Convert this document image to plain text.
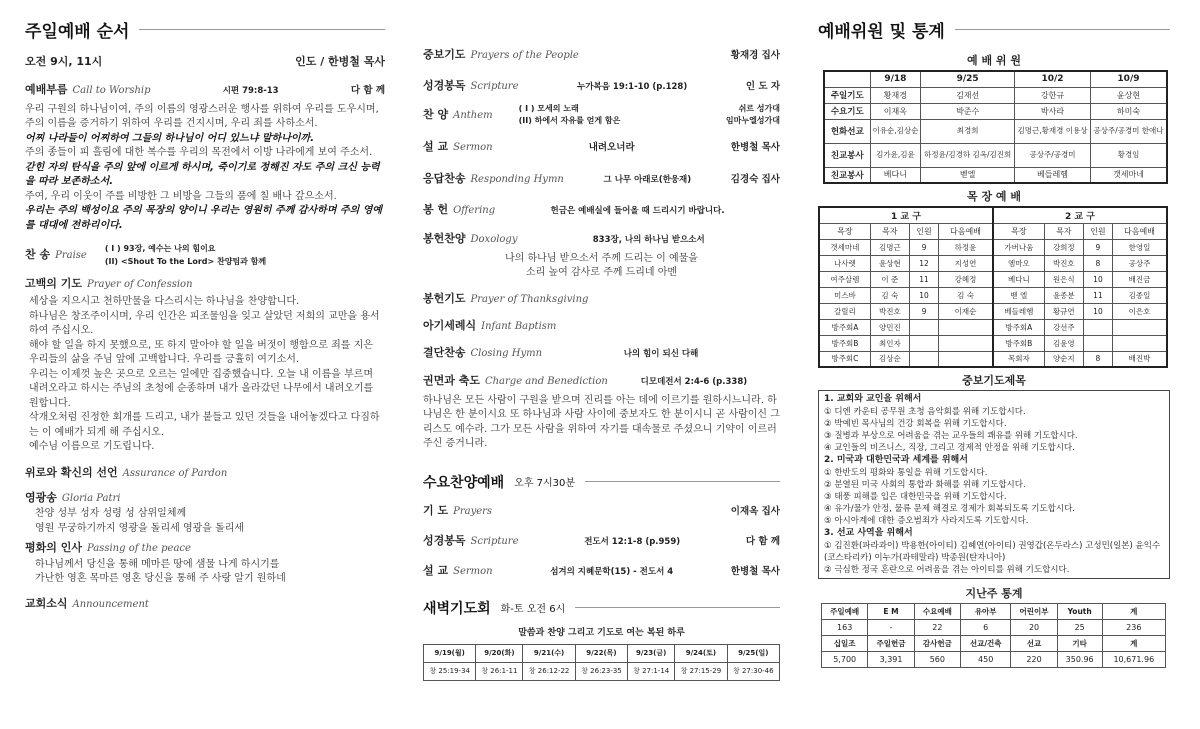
주일예배 순서
오전 9시, 11시	인도 / 한병철 목사
예배부름 Call to Worship	시편 79:8-13	다 함 께
우리 구원의 하나님이여, 주의 이름의 영광스러운 행사를 위하여 우리를 도우시며, 주의 이름을 증거하기 위하여 우리를 건지시며, 우리 죄를 사하소서.
어찌 나라들이 어찌하여 그들의 하나님이 어디 있느냐 말하나이까.
주의 종들이 피 흘림에 대한 복수를 우리의 목전에서 이방 나라에게 보여 주소서.
갇힌 자의 탄식을 주의 앞에 이르게 하시며, 죽이기로 정해진 자도 주의 크신 능력을 따라 보존하소서.
주여, 우리 이웃이 주를 비방한 그 비방을 그들의 품에 칠 배나 갚으소서.
우리는 주의 백성이요 주의 목장의 양이니 우리는 영원히 주께 감사하며 주의 영예를 대대에 전하리이다.
찬 송 Praise
( I ) 93장, 예수는 나의 힘이요
(II) <Shout To the Lord> 찬양팀과 함께
고백의 기도 Prayer of Confession
세상을 지으시고 천하만물을 다스리시는 하나님을 찬양합니다.
하나님은 창조주이시며, 우리 인간은 피조물임을 잊고 살았던 저희의 교만을 용서하여 주십시오.
해야 할 일을 하지 못했으로, 또 하지 말아야 할 일을 버젓이 행함으로 죄를 지은 우리들의 삶을 주님 앞에 고백합니다. 우리를 긍휼히 여기소서.
우리는 이제껏 높은 곳으로 오르는 일에만 집중했습니다. 오늘 내 이름을 부르며 내려오라고 하시는 주님의 초청에 순종하며 내가 올라갔던 나무에서 내려오기를 원합니다.
삭개오처럼 진정한 회개를 드리고, 내가 붙들고 있던 것들을 내어놓겠다고 다짐하는 이 예배가 되게 해 주십시오.
예수님 이름으로 기도립니다.
위로와 확신의 선언 Assurance of Pardon
영광송 Gloria Patri
찬양 성부 성자 성령 성 삼위일체께
영원 무궁하기까지 영광을 돌리세 영광을 돌리세
평화의 인사 Passing of the peace
하나님께서 당신을 통해 메마른 땅에 샘물 나게 하시기를
가난한 영혼 목마른 영혼 당신을 통해 주 사랑 알기 원하네
교회소식 Announcement
중보기도 Prayers of the People	황재경 집사
성경봉독 Scripture	누가복음 19:1-10 (p.128)	인 도 자
찬 양 Anthem
( I ) 모세의 노래
(II) 하에서 자유를 얻게 함은
쉬르 성가대
임마누엘성가대
설 교 Sermon	내려오너라	한병철 목사
응답찬송 Responding Hymn	그 나무 아래로(한웅재)	김경숙 집사
봉 헌 Offering	헌금은 예배실에 들어올 때 드리시기 바랍니다.
봉헌찬양 Doxology	833장, 나의 하나님 받으소서
나의 하나님 받으소서 주께 드리는 이 예물을
소리 높여 감사로 주께 드리네 아멘
봉헌기도 Prayer of Thanksgiving
아기세례식 Infant Baptism
결단찬송 Closing Hymn	나의 힘이 되신 다해
권면과 축도 Charge and Benediction	디모데전서 2:4-6 (p.338)
하나님은 모든 사람이 구원을 받으며 진리를 아는 데에 이르기를 원하시느니라. 하나님은 한 분이시요 또 하나님과 사람 사이에 중보자도 한 분이시니 곧 사람이신 그리스도 예수라. 그가 모든 사람을 위하여 자기를 대속물로 주셨으니 기약이 이르러 주신 증거니라.
수요찬양예배 오후 7시30분
기 도 Prayers	이재옥 집사
성경봉독 Scripture	전도서 12:1-8 (p.959)	다 함 께
설 교 Sermon	섬겨의 지혜문학(15) - 전도서 4	한병철 목사
새벽기도회 화-토 오전 6시
말씀과 찬양 그리고 기도로 여는 복된 하루
9/19(월)	9/20(화)	9/21(수)	9/22(목)	9/23(금)	9/24(토)	9/25(일)
창 25:19-34	창 26:1-11	창 26:12-22	창 26:23-35	창 27:1-14	창 27:15-29	창 27:30-46
예배위원 및 통계
예 배 위 원
	9/18	9/25	10/2	10/9
주일기도	황재경	김재선	강한규	윤상현
수요기도	이재옥	박준수	박사라	하미숙
헌화선교	이유순,김상순	최경희	김명근,황재경 이용상	공상주/공경미 한애나
친교봉사	김가윤,김윤	하정윤/김경하 김옥/김진희	공상주/공경미	황경임
친교봉사	베다니	벧엘	베들레헴	갯세마네
목 장 예 배
1 교 구				2 교 구			
목장	목자	인원	다음예배	목장	목자	인원	다음예배
갯세마네	김명근	9	하정윤	가버나움	강희정	9	한영일
나사렛	윤상현	12	지성연	엠마오	박진호	8	공상주
여주살렘	이 준	11	강혜정	베다니	원은식	10	배진금
미스바	김 숙	10	김 숙	벧 엘	윤종분	11	김종일
갈릴리	박진호	9	이재순	베들레헴	황규연	10	이은호
방주회A	양민진			방주회A	강선주		
방주회B	최인자			방주회B	김윤영		
방주회C	김상순			목회자	양순지	8	배진박
중보기도제목
1. 교회와 교인을 위해서
① 디엔 카운티 공무원 초청 음악회를 위해 기도합시다.
② 박예빈 목사님의 건강 회복을 위해 기도합시다.
③ 질병과 부상으로 어려움을 겪는 교우들의 쾌유를 위해 기도합시다.
④ 교인들의 비즈니스, 직장, 그리고 경제적 안정을 위해 기도합시다.
2. 미국과 대한민국과 세계를 위해서
① 한반도의 평화와 통일을 위해 기도합시다.
② 분열된 미국 사회의 통합과 화해를 위해 기도합시다.
③ 태풍 피해를 입은 대한민국을 위해 기도합시다.
④ 유가/물가 안정, 물류 문제 해결로 경제가 회복되도록 기도합시다.
⑤ 아시아계에 대한 증오범죄가 사라지도록 기도합시다.
3. 선교 사역을 위해서
① 김진환(파라과이) 박용한(아이티) 김혜연(아이티) 권영갑(온두라스) 고성민(일본) 윤익수(코스타리카) 이누가(과테말라) 박종원(탄자니아)
② 극심한 정국 혼란으로 어려움을 겪는 아이티를 위해 기도합시다.
지난주 통계
주일예배	E M	수요예배	유아부	어린이부	Youth	계
163	-	22	6	20	25	236
십일조	주일헌금	감사헌금	선교/건축	선교	기타	계
5,700	3,391	560	450	220	350.96	10,671.96
